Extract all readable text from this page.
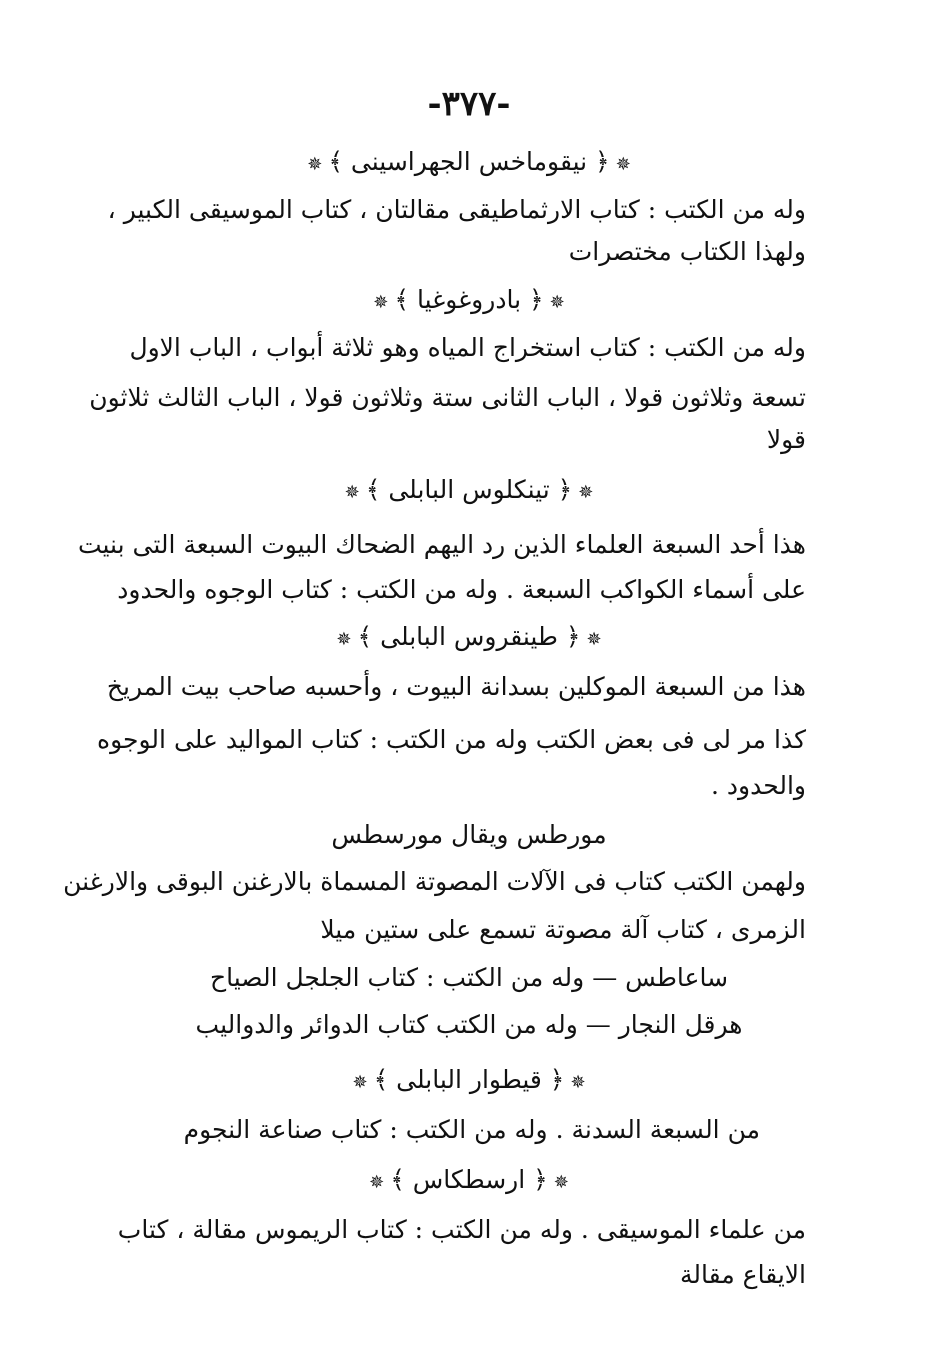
-٣٧٧-
✵﴿ نيقوماخس الجهراسينى ﴾✵
وله من الكتب : كتاب الارثماطيقى مقالتان ، كتاب الموسيقى الكبير ،
ولهذا الكتاب مختصرات
✵﴿ بادروغوغيا ﴾✵
وله من الكتب : كتاب استخراج المياه وهو ثلاثة أبواب ، الباب الاول
تسعة وثلاثون قولا ، الباب الثانى ستة وثلاثون قولا ، الباب الثالث ثلاثون
قولا
✵﴿ تينكلوس البابلى ﴾✵
هذا أحد السبعة العلماء الذين رد اليهم الضحاك البيوت السبعة التى بنيت
على أسماء الكواكب السبعة . وله من الكتب : كتاب الوجوه والحدود
✵﴿ طينقروس البابلى ﴾✵
هذا من السبعة الموكلين بسدانة البيوت ، وأحسبه صاحب بيت المريخ
كذا مر لى فى بعض الكتب وله من الكتب : كتاب المواليد على الوجوه
والحدود .
مورطس ويقال مورسطس
ولهمن الكتب كتاب فى الآلات المصوتة المسماة بالارغنن البوقى والارغنن
الزمرى ، كتاب آلة مصوتة تسمع على ستين ميلا
ساعاطس — وله من الكتب : كتاب الجلجل الصياح
هرقل النجار — وله من الكتب كتاب الدوائر والدواليب
✵﴿ قيطوار البابلى ﴾✵
من السبعة السدنة . وله من الكتب : كتاب صناعة النجوم
✵﴿ ارسطكاس ﴾✵
من علماء الموسيقى . وله من الكتب : كتاب الريموس مقالة ، كتاب
الايقاع مقالة
